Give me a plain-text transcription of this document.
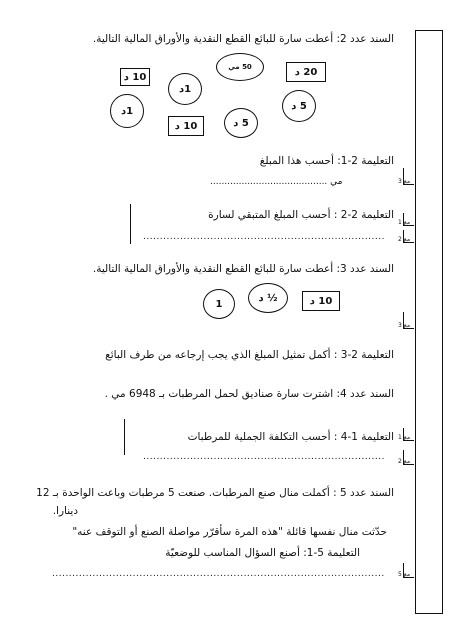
السند عدد 2: أعطت سارة للبائع القطع النقدية والأوراق المالية التالية.
10 د
1د
50 مي	20 د
1د
10 د	5 د
5 د
التعليمة 2-1: أحسب هذا المبلغ
......................................... مي
التعليمة 2-2 : أحسب المبلغ المتبقي لسارة
........................................................................
السند عدد 3: أعطت سارة للبائع القطع النقدية والأوراق المالية التالية.
1
½ د	10 د
التعليمة 2-3 : أكمل تمثيل المبلغ الذي يجب إرجاعه من طرف البائع
السند عدد 4: اشترت سارة صناديق لحمل المرطبات بـ 6948 مي .
التعليمة 1-4 : أحسب التكلفة الجملية للمرطبات
........................................................................
السند عدد 5 : أكملت منال صنع المرطبات. صنعت 5 مرطبات وباعت الواحدة بـ 12
دينارا.
حدّثت منال نفسها قائلة "هذه المرة سأقرّر مواصلة الصنع أو التوقف عنه"
التعليمة 5-1: أصنع السؤال المناسب للوضعيّة
...................................................................................................
مع 3
مع 1
مع 2
مع 3
مع 1
مع 2
مع 5
